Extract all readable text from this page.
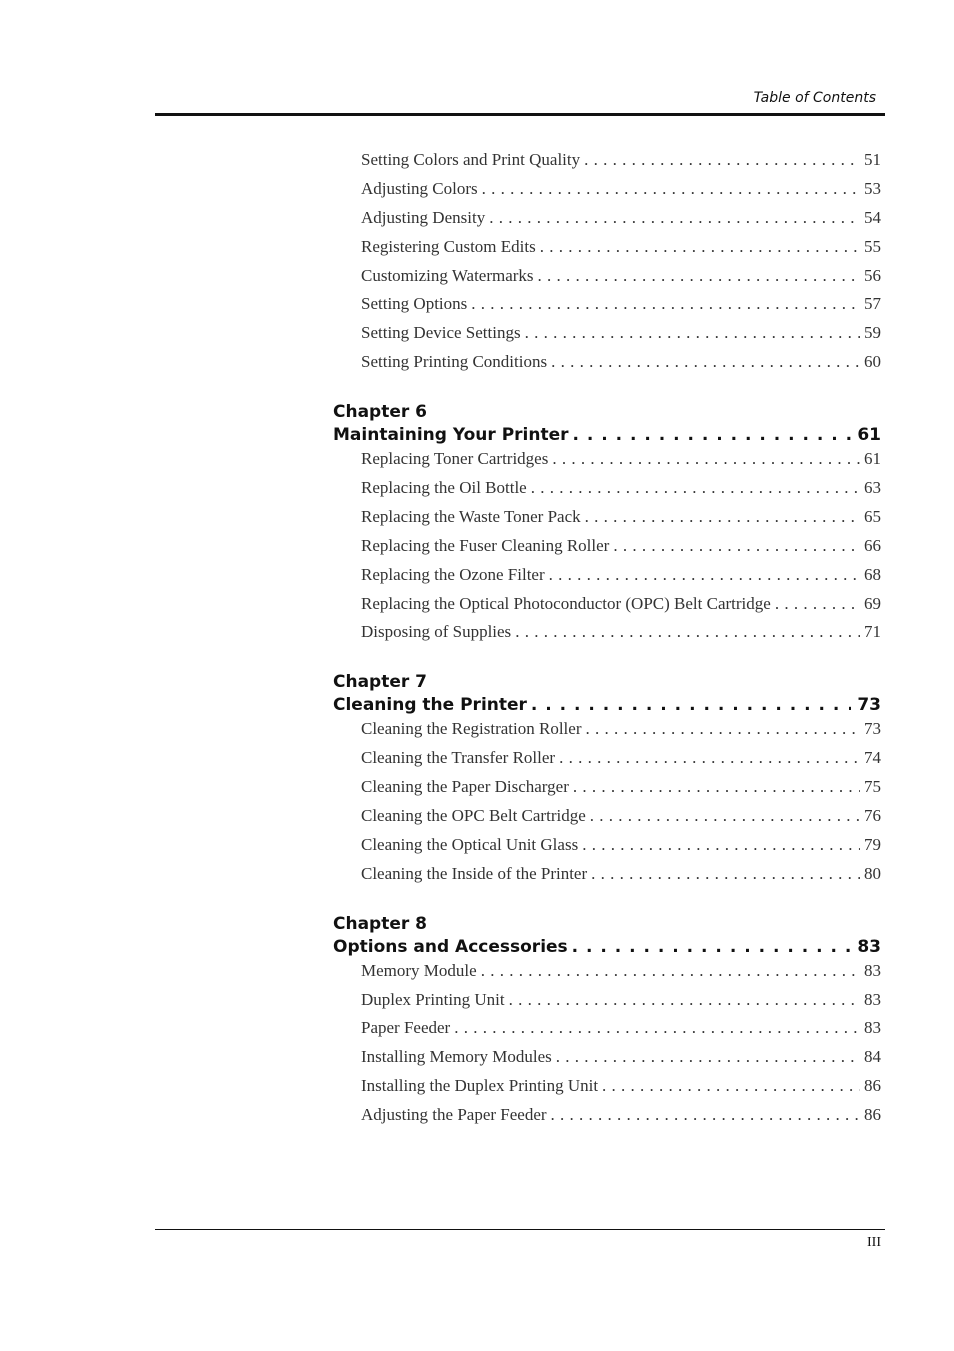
Table of Contents
Setting Colors and Print Quality . . .	51
Adjusting Colors . . .	53
Adjusting Density . . .	54
Registering Custom Edits . . .	55
Customizing Watermarks . . .	56
Setting Options . . .	57
Setting Device Settings . . .	59
Setting Printing Conditions . . .	60
Chapter 6
Maintaining Your Printer . . .	61
Replacing Toner Cartridges . . .	61
Replacing the Oil Bottle . . .	63
Replacing the Waste Toner Pack . . .	65
Replacing the Fuser Cleaning Roller . . .	66
Replacing the Ozone Filter . . .	68
Replacing the Optical Photoconductor (OPC) Belt Cartridge . . .	69
Disposing of Supplies . . .	71
Chapter 7
Cleaning the Printer . . .	73
Cleaning the Registration Roller . . .	73
Cleaning the Transfer Roller . . .	74
Cleaning the Paper Discharger . . .	75
Cleaning the OPC Belt Cartridge . . .	76
Cleaning the Optical Unit Glass . . .	79
Cleaning the Inside of the Printer . . .	80
Chapter 8
Options and Accessories . . .	83
Memory Module . . .	83
Duplex Printing Unit . . .	83
Paper Feeder . . .	83
Installing Memory Modules . . .	84
Installing the Duplex Printing Unit . . .	86
Adjusting the Paper Feeder . . .	86
III
